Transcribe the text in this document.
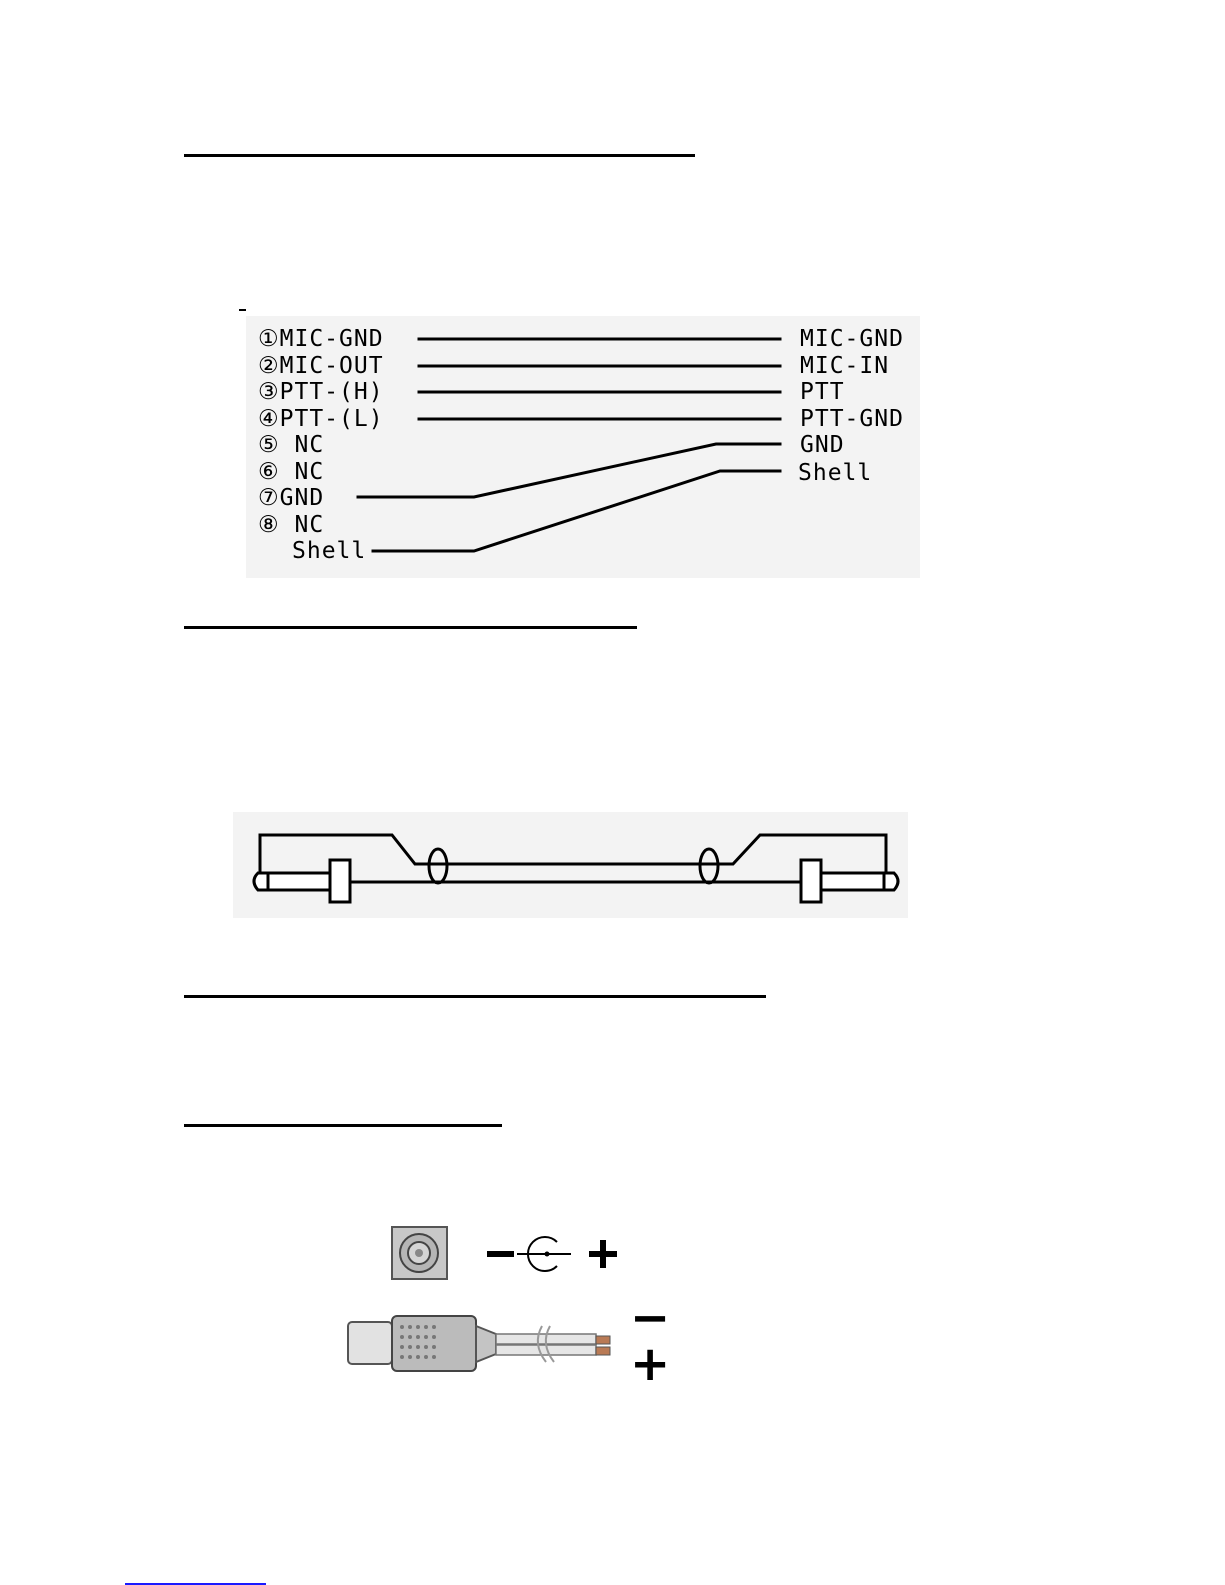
①MIC-GND
②MIC-OUT
③PTT-(H)
④PTT-(L)
⑤ NC
⑥ NC
⑦GND
⑧ NC
Shell
MIC-GND
MIC-IN
PTT
PTT-GND
GND
Shell
−
+
